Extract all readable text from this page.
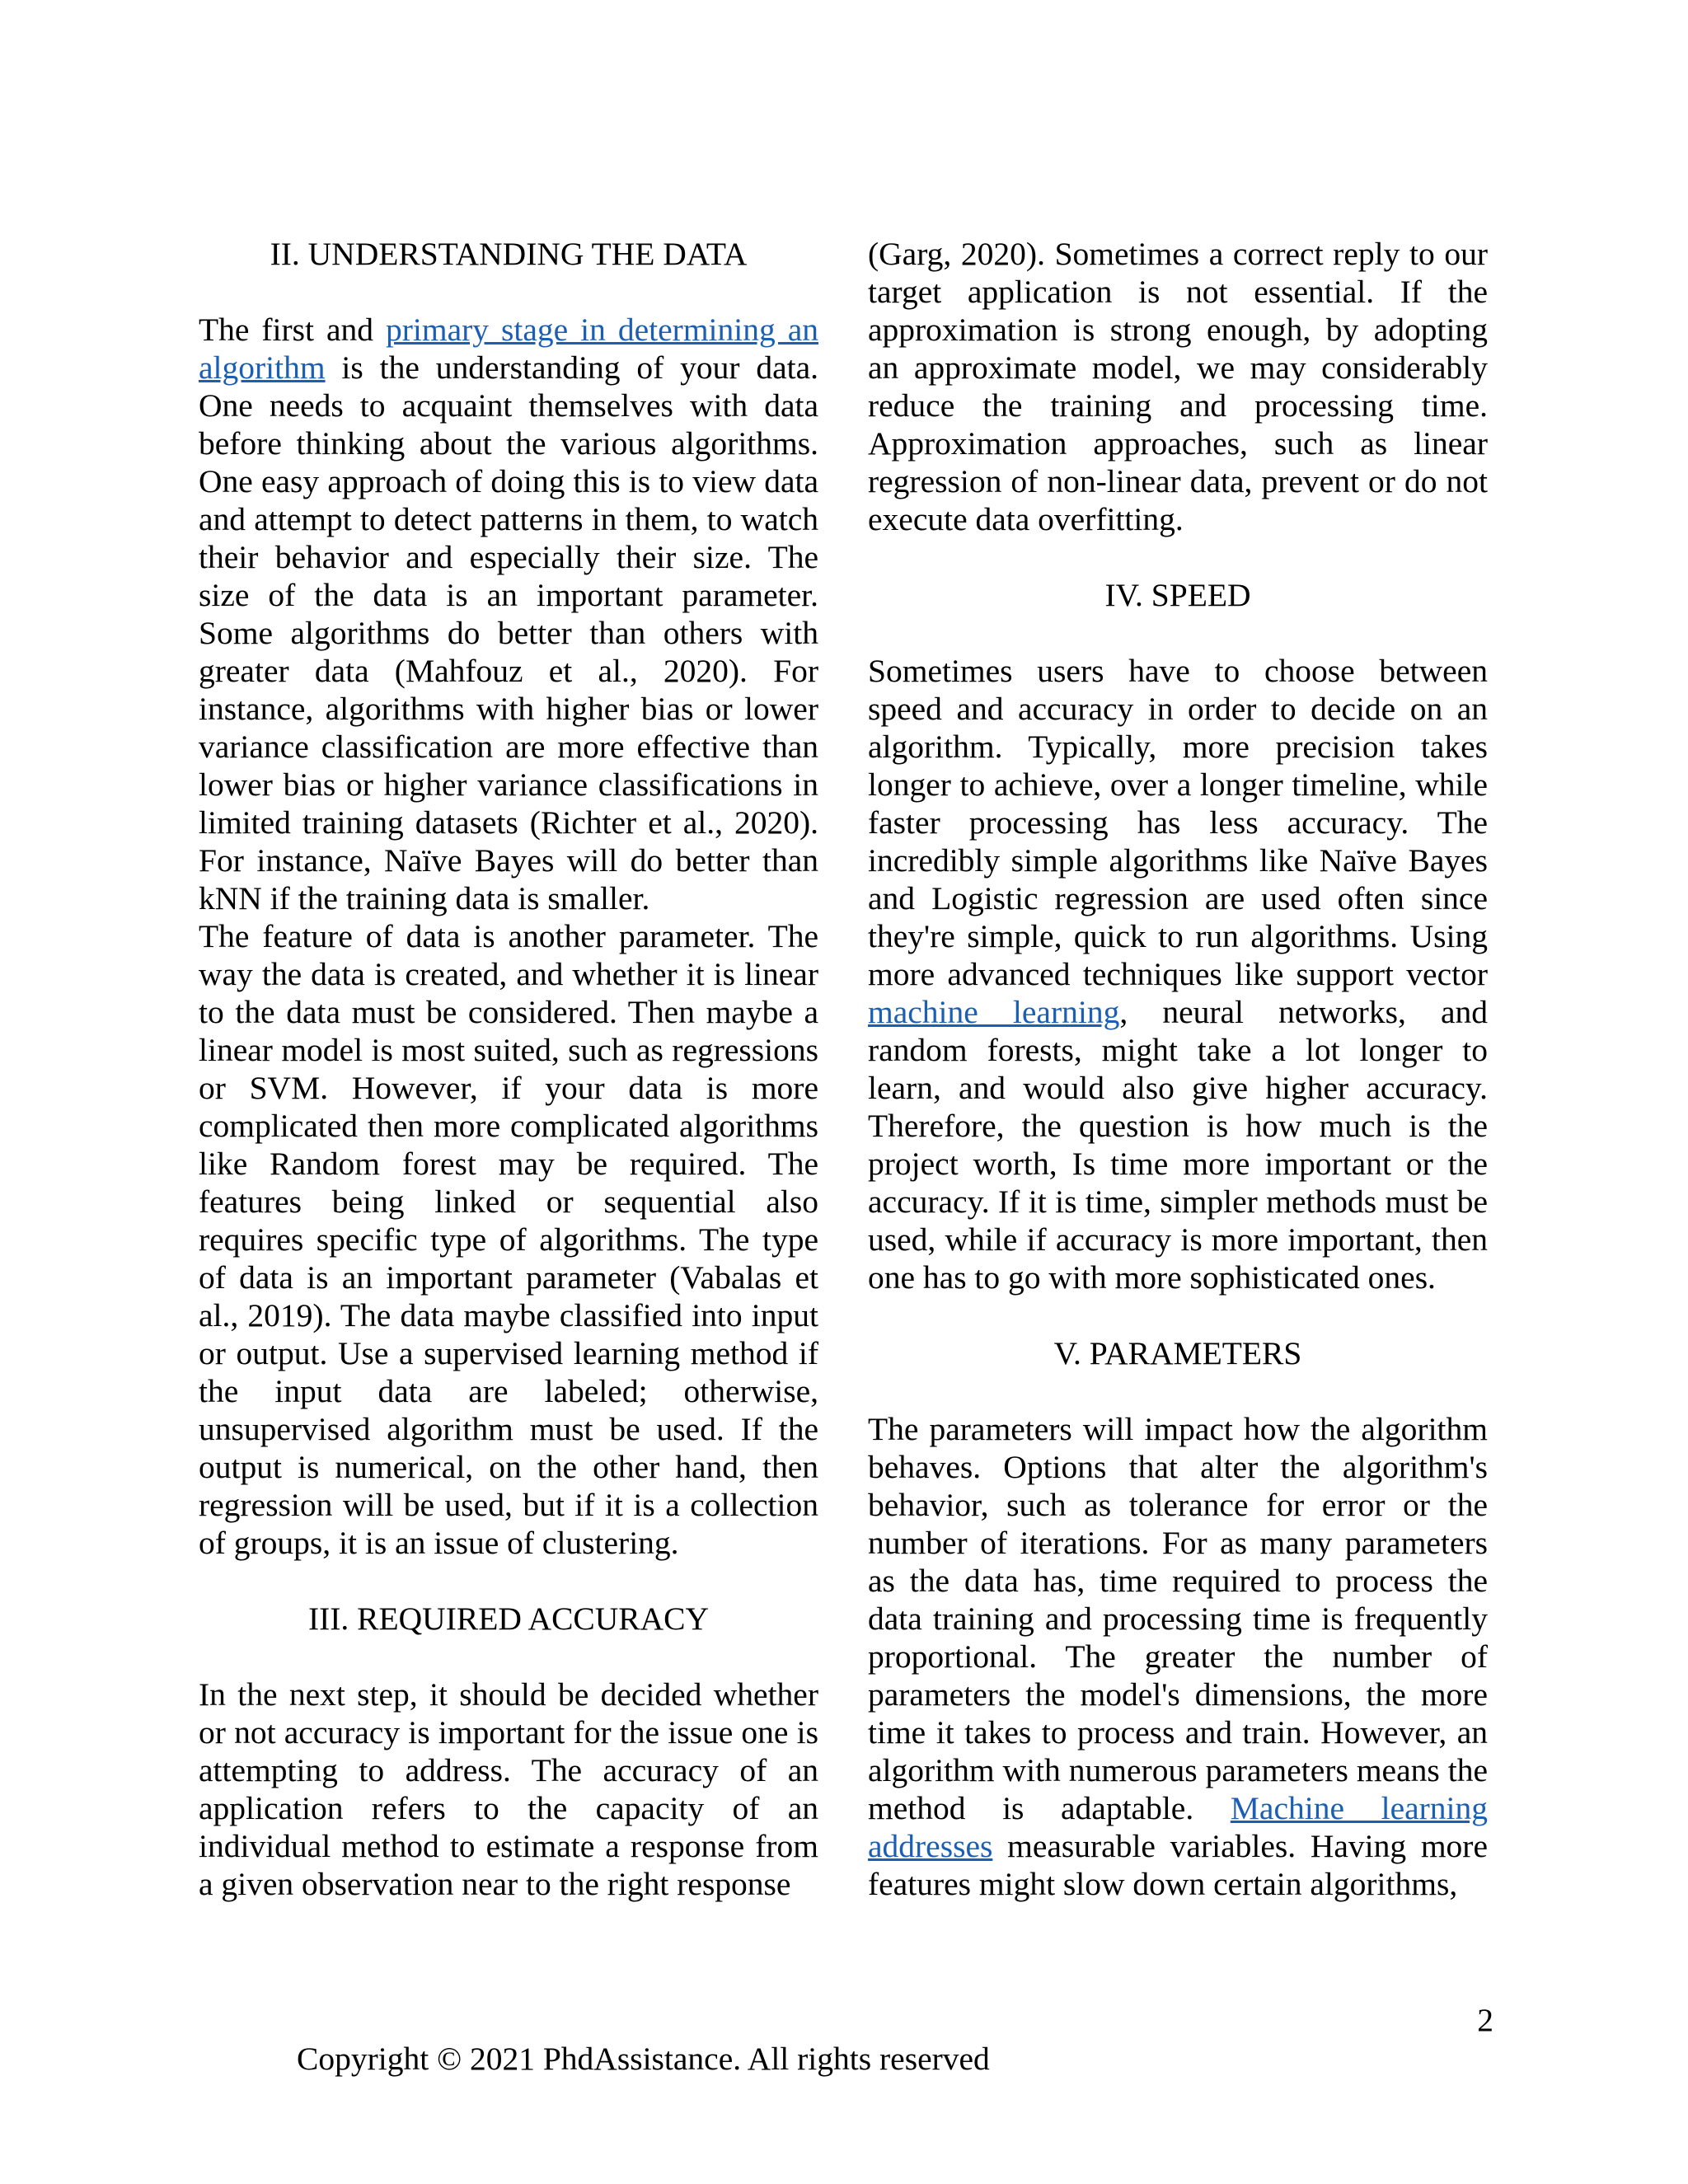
II. UNDERSTANDING THE DATA

The first and primary stage in determining an algorithm is the understanding of your data. One needs to acquaint themselves with data before thinking about the various algorithms. One easy approach of doing this is to view data and attempt to detect patterns in them, to watch their behavior and especially their size. The size of the data is an important parameter. Some algorithms do better than others with greater data (Mahfouz et al., 2020). For instance, algorithms with higher bias or lower variance classification are more effective than lower bias or higher variance classifications in limited training datasets (Richter et al., 2020). For instance, Naïve Bayes will do better than kNN if the training data is smaller.

The feature of data is another parameter. The way the data is created, and whether it is linear to the data must be considered. Then maybe a linear model is most suited, such as regressions or SVM. However, if your data is more complicated then more complicated algorithms like Random forest may be required. The features being linked or sequential also requires specific type of algorithms. The type of data is an important parameter (Vabalas et al., 2019). The data maybe classified into input or output. Use a supervised learning method if the input data are labeled; otherwise, unsupervised algorithm must be used. If the output is numerical, on the other hand, then regression will be used, but if it is a collection of groups, it is an issue of clustering.

III. REQUIRED ACCURACY

In the next step, it should be decided whether or not accuracy is important for the issue one is attempting to address. The accuracy of an application refers to the capacity of an individual method to estimate a response from a given observation near to the right response

(Garg, 2020). Sometimes a correct reply to our target application is not essential. If the approximation is strong enough, by adopting an approximate model, we may considerably reduce the training and processing time. Approximation approaches, such as linear regression of non-linear data, prevent or do not execute data overfitting.

IV. SPEED

Sometimes users have to choose between speed and accuracy in order to decide on an algorithm. Typically, more precision takes longer to achieve, over a longer timeline, while faster processing has less accuracy. The incredibly simple algorithms like Naïve Bayes and Logistic regression are used often since they're simple, quick to run algorithms. Using more advanced techniques like support vector machine learning, neural networks, and random forests, might take a lot longer to learn, and would also give higher accuracy. Therefore, the question is how much is the project worth, Is time more important or the accuracy. If it is time, simpler methods must be used, while if accuracy is more important, then one has to go with more sophisticated ones.

V. PARAMETERS

The parameters will impact how the algorithm behaves. Options that alter the algorithm's behavior, such as tolerance for error or the number of iterations. For as many parameters as the data has, time required to process the data training and processing time is frequently proportional. The greater the number of parameters the model's dimensions, the more time it takes to process and train. However, an algorithm with numerous parameters means the method is adaptable. Machine learning addresses measurable variables. Having more features might slow down certain algorithms,

2
Copyright © 2021 PhdAssistance. All rights reserved
